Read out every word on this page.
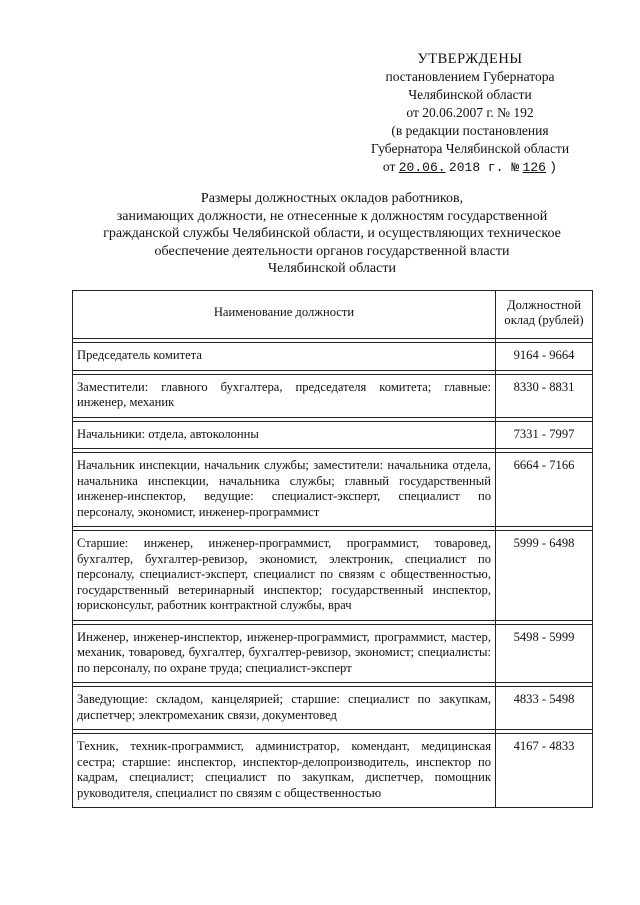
УТВЕРЖДЕНЫ
постановлением Губернатора
Челябинской области
от 20.06.2007 г. № 192
(в редакции постановления
Губернатора Челябинской области
от 20.06. 2018 г. № 126 )
Размеры должностных окладов работников,
занимающих должности, не отнесенные к должностям государственной
гражданской службы Челябинской области, и осуществляющих техническое
обеспечение деятельности органов государственной власти
Челябинской области
Наименование должности	Должностной оклад (рублей)

Председатель комитета	9164 - 9664

Заместители: главного бухгалтера, председателя комитета; главные: инженер, механик	8330 - 8831

Начальники: отдела, автоколонны	7331 - 7997

Начальник инспекции, начальник службы; заместители: начальника отдела, начальника инспекции, начальника службы; главный государственный инженер-инспектор, ведущие: специалист-эксперт, специалист по персоналу, экономист, инженер-программист	6664 - 7166

Старшие: инженер, инженер-программист, программист, товаровед, бухгалтер, бухгалтер-ревизор, экономист, электроник, специалист по персоналу, специалист-эксперт, специалист по связям с общественностью, государственный ветеринарный инспектор; государственный инспектор, юрисконсульт, работник контрактной службы, врач	5999 - 6498

Инженер, инженер-инспектор, инженер-программист, программист, мастер, механик, товаровед, бухгалтер, бухгалтер-ревизор, экономист; специалисты: по персоналу, по охране труда; специалист-эксперт	5498 - 5999

Заведующие: складом, канцелярией; старшие: специалист по закупкам, диспетчер; электромеханик связи, документовед	4833 - 5498

Техник, техник-программист, администратор, комендант, медицинская сестра; старшие: инспектор, инспектор-делопроизводитель, инспектор по кадрам, специалист; специалист по закупкам, диспетчер, помощник руководителя, специалист по связям с общественностью	4167 - 4833
